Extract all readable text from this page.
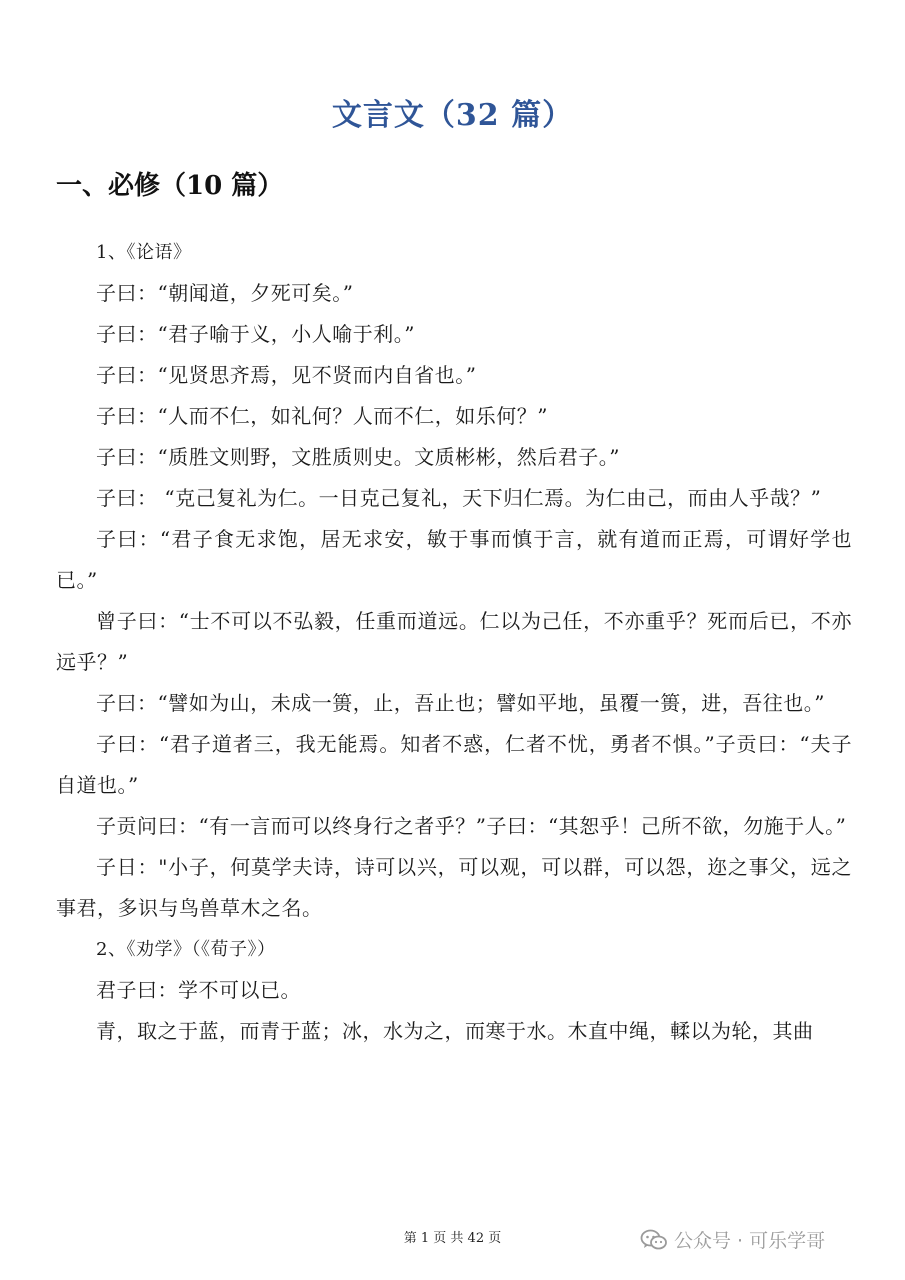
文言文（32 篇）
一、必修（10 篇）

1、《论语》

子曰：“朝闻道，夕死可矣。”

子曰：“君子喻于义，小人喻于利。”

子曰：“见贤思齐焉，见不贤而内自省也。”

子曰：“人而不仁，如礼何？人而不仁，如乐何？”

子曰：“质胜文则野，文胜质则史。文质彬彬，然后君子。”

子曰： “克己复礼为仁。一日克己复礼，天下归仁焉。为仁由己，而由人乎哉？”

子曰：“君子食无求饱，居无求安，敏于事而慎于言，就有道而正焉，可谓好学也已。”

曾子曰：“士不可以不弘毅，任重而道远。仁以为己任，不亦重乎？死而后已，不亦远乎？”

子曰：“譬如为山，未成一篑，止，吾止也；譬如平地，虽覆一篑，进，吾往也。”

子曰：“君子道者三，我无能焉。知者不惑，仁者不忧，勇者不惧。”子贡曰：“夫子自道也。”

子贡问曰：“有一言而可以终身行之者乎？”子曰：“其恕乎！己所不欲，勿施于人。”

子日："小子，何莫学夫诗，诗可以兴，可以观，可以群，可以怨，迩之事父，远之事君，多识与鸟兽草木之名。

2、《劝学》（《荀子》）

君子曰：学不可以已。

青，取之于蓝，而青于蓝；冰，水为之，而寒于水。木直中绳，輮以为轮，其曲

第 1 页 共 42 页	公众号 · 可乐学哥
